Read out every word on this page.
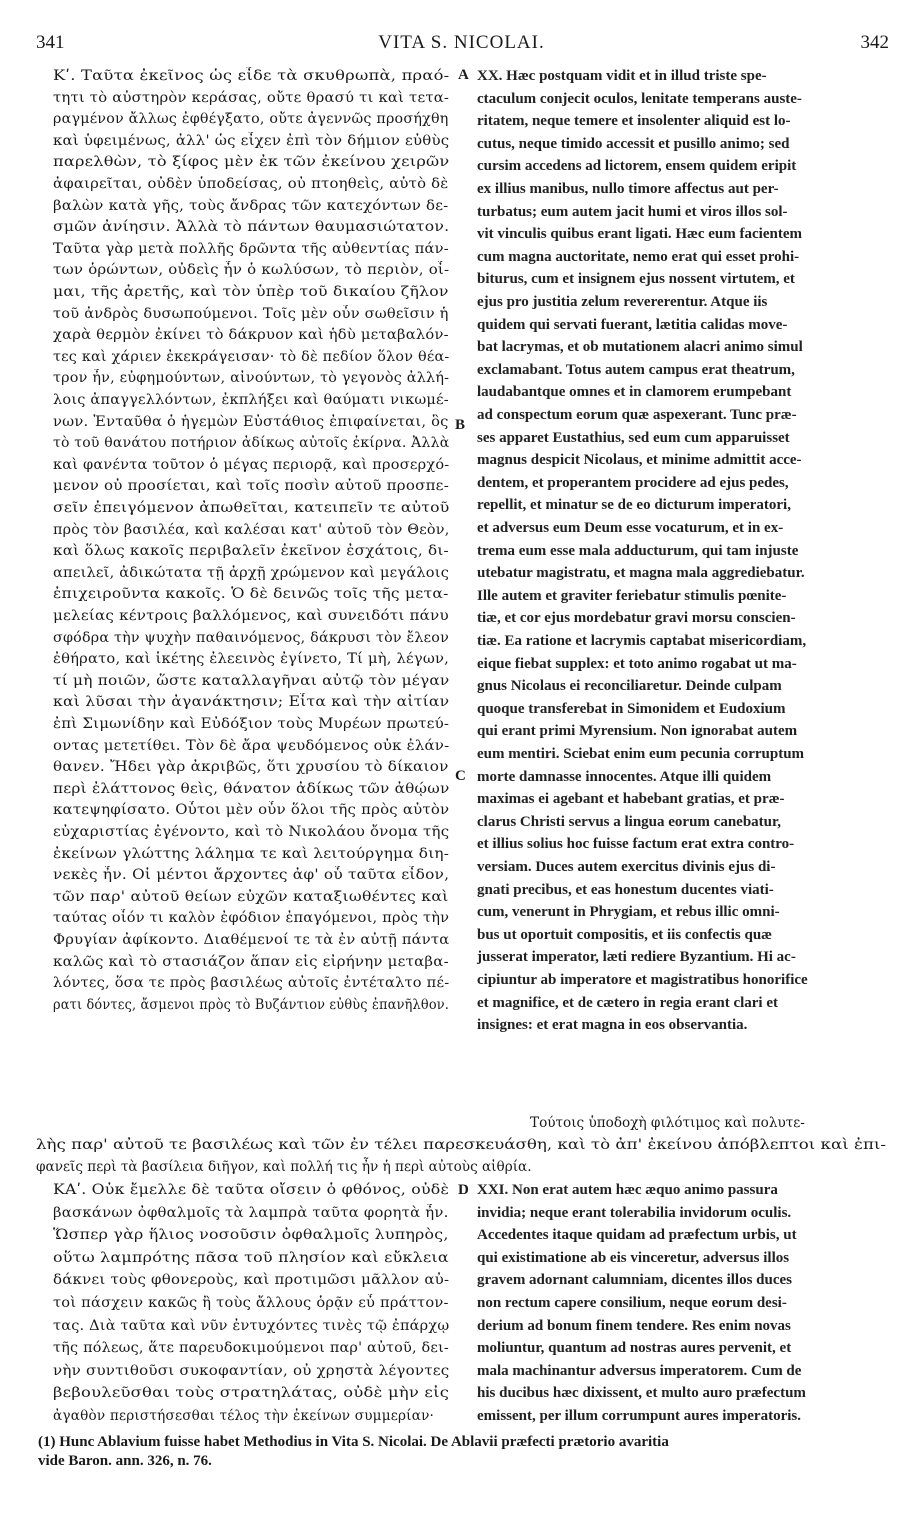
341	VITA S. NICOLAI.	342
A
B
C
D
Κʹ. Ταῦτα ἐκεῖνος ὡς εἶδε τὰ σκυθρωπὰ, πραό-
τητι τὸ αὐστηρὸν κεράσας, οὔτε θρασύ τι καὶ τετα-
ραγμένον ἄλλως ἐφθέγξατο, οὔτε ἀγεννῶς προσήχθη
καὶ ὑφειμένως, ἀλλ' ὡς εἶχεν ἐπὶ τὸν δήμιον εὐθὺς
παρελθὼν, τὸ ξίφος μὲν ἐκ τῶν ἐκείνου χειρῶν
ἀφαιρεῖται, οὐδὲν ὑποδείσας, οὐ πτοηθεὶς, αὐτὸ δὲ
βαλὼν κατὰ γῆς, τοὺς ἄνδρας τῶν κατεχόντων δε-
σμῶν ἀνίησιν. Ἀλλὰ τὸ πάντων θαυμασιώτατον.
Ταῦτα γὰρ μετὰ πολλῆς δρῶντα τῆς αὐθεντίας πάν-
των ὁρώντων, οὐδεὶς ἦν ὁ κωλύσων, τὸ περιὸν, οἶ-
μαι, τῆς ἀρετῆς, καὶ τὸν ὑπὲρ τοῦ δικαίου ζῆλον
τοῦ ἀνδρὸς δυσωπούμενοι. Τοῖς μὲν οὖν σωθεῖσιν ἡ
χαρὰ θερμὸν ἐκίνει τὸ δάκρυον καὶ ἡδὺ μεταβαλόν-
τες καὶ χάριεν ἐκεκράγεισαν· τὸ δὲ πεδίον ὅλον θέα-
τρον ἦν, εὐφημούντων, αἰνούντων, τὸ γεγονὸς ἀλλή-
λοις ἀπαγγελλόντων, ἐκπλήξει καὶ θαύματι νικωμέ-
νων. Ἐνταῦθα ὁ ἡγεμὼν Εὐστάθιος ἐπιφαίνεται, ὃς
τὸ τοῦ θανάτου ποτήριον ἀδίκως αὐτοῖς ἐκίρνα. Ἀλλὰ
καὶ φανέντα τοῦτον ὁ μέγας περιορᾷ, καὶ προσερχό-
μενον οὐ προσίεται, καὶ τοῖς ποσὶν αὐτοῦ προσπε-
σεῖν ἐπειγόμενον ἀπωθεῖται, κατειπεῖν τε αὐτοῦ
πρὸς τὸν βασιλέα, καὶ καλέσαι κατ' αὐτοῦ τὸν Θεὸν,
καὶ ὅλως κακοῖς περιβαλεῖν ἐκεῖνον ἐσχάτοις, δι-
απειλεῖ, ἀδικώτατα τῇ ἀρχῇ χρώμενον καὶ μεγάλοις
ἐπιχειροῦντα κακοῖς. Ὁ δὲ δεινῶς τοῖς τῆς μετα-
μελείας κέντροις βαλλόμενος, καὶ συνειδότι πάνυ
σφόδρα τὴν ψυχὴν παθαινόμενος, δάκρυσι τὸν ἔλεον
ἐθήρατο, καὶ ἱκέτης ἐλεεινὸς ἐγίνετο, Τί μὴ, λέγων,
τί μὴ ποιῶν, ὥστε καταλλαγῆναι αὐτῷ τὸν μέγαν
καὶ λῦσαι τὴν ἀγανάκτησιν; Εἶτα καὶ τὴν αἰτίαν
ἐπὶ Σιμωνίδην καὶ Εὐδόξιον τοὺς Μυρέων πρωτεύ-
οντας μετετίθει. Τὸν δὲ ἄρα ψευδόμενος οὐκ ἐλάν-
θανεν. Ἤδει γὰρ ἀκριβῶς, ὅτι χρυσίου τὸ δίκαιον
περὶ ἐλάττονος θεὶς, θάνατον ἀδίκως τῶν ἀθῴων
κατεψηφίσατο. Οὗτοι μὲν οὖν ὅλοι τῆς πρὸς αὐτὸν
εὐχαριστίας ἐγένοντο, καὶ τὸ Νικολάου ὄνομα τῆς
ἐκείνων γλώττης λάλημα τε καὶ λειτούργημα διη-
νεκὲς ἦν. Οἱ μέντοι ἄρχοντες ἀφ' οὗ ταῦτα εἶδον,
τῶν παρ' αὐτοῦ θείων εὐχῶν καταξιωθέντες καὶ
ταύτας οἷόν τι καλὸν ἐφόδιον ἐπαγόμενοι, πρὸς τὴν
Φρυγίαν ἀφίκοντο. Διαθέμενοί τε τὰ ἐν αὐτῇ πάντα
καλῶς καὶ τὸ στασιάζον ἅπαν εἰς εἰρήνην μεταβα-
λόντες, ὅσα τε πρὸς βασιλέως αὐτοῖς ἐντέταλτο πέ-
ρατι δόντες, ἄσμενοι πρὸς τὸ Βυζάντιον εὐθὺς ἐπανῆλθον.
XX. Hæc postquam vidit et in illud triste spe-
ctaculum conjecit oculos, lenitate temperans auste-
ritatem, neque temere et insolenter aliquid est lo-
cutus, neque timido accessit et pusillo animo; sed
cursim accedens ad lictorem, ensem quidem eripit
ex illius manibus, nullo timore affectus aut per-
turbatus; eum autem jacit humi et viros illos sol-
vit vinculis quibus erant ligati. Hæc eum facientem
cum magna auctoritate, nemo erat qui esset prohi-
biturus, cum et insignem ejus nossent virtutem, et
ejus pro justitia zelum revererentur. Atque iis
quidem qui servati fuerant, lætitia calidas move-
bat lacrymas, et ob mutationem alacri animo simul
exclamabant. Totus autem campus erat theatrum,
laudabantque omnes et in clamorem erumpebant
ad conspectum eorum quæ aspexerant. Tunc præ-
ses apparet Eustathius, sed eum cum apparuisset
magnus despicit Nicolaus, et minime admittit acce-
dentem, et properantem procidere ad ejus pedes,
repellit, et minatur se de eo dicturum imperatori,
et adversus eum Deum esse vocaturum, et in ex-
trema eum esse mala adducturum, qui tam injuste
utebatur magistratu, et magna mala aggrediebatur.
Ille autem et graviter feriebatur stimulis pœnite-
tiæ, et cor ejus mordebatur gravi morsu conscien-
tiæ. Ea ratione et lacrymis captabat misericordiam,
eique fiebat supplex: et toto animo rogabat ut ma-
gnus Nicolaus ei reconciliaretur. Deinde culpam
quoque transferebat in Simonidem et Eudoxium
qui erant primi Myrensium. Non ignorabat autem
eum mentiri. Sciebat enim eum pecunia corruptum
morte damnasse innocentes. Atque illi quidem
maximas ei agebant et habebant gratias, et præ-
clarus Christi servus a lingua eorum canebatur,
et illius solius hoc fuisse factum erat extra contro-
versiam. Duces autem exercitus divinis ejus di-
gnati precibus, et eas honestum ducentes viati-
cum, venerunt in Phrygiam, et rebus illic omni-
bus ut oportuit compositis, et iis confectis quæ
jusserat imperator, læti rediere Byzantium. Hi ac-
cipiuntur ab imperatore et magistratibus honorifice
et magnifice, et de cætero in regia erant clari et
insignes: et erat magna in eos observantia.
Τούτοις ὑποδοχὴ φιλότιμος καὶ πολυτε-
λὴς παρ' αὐτοῦ τε βασιλέως καὶ τῶν ἐν τέλει παρεσκευάσθη, καὶ τὸ ἀπ' ἐκείνου ἀπόβλεπτοι καὶ ἐπι-
φανεῖς περὶ τὰ βασίλεια διῆγον, καὶ πολλή τις ἦν ἡ περὶ αὐτοὺς αἰθρία.
ΚΑʹ. Οὐκ ἔμελλε δὲ ταῦτα οἴσειν ὁ φθόνος, οὐδὲ
βασκάνων ὀφθαλμοῖς τὰ λαμπρὰ ταῦτα φορητὰ ἦν.
Ὥσπερ γὰρ ἥλιος νοσοῦσιν ὀφθαλμοῖς λυπηρὸς,
οὕτω λαμπρότης πᾶσα τοῦ πλησίον καὶ εὔκλεια
δάκνει τοὺς φθονεροὺς, καὶ προτιμῶσι μᾶλλον αὐ-
τοὶ πάσχειν κακῶς ἢ τοὺς ἄλλους ὁρᾷν εὖ πράττον-
τας. Διὰ ταῦτα καὶ νῦν ἐντυχόντες τινὲς τῷ ἐπάρχῳ
τῆς πόλεως, ἅτε παρευδοκιμούμενοι παρ' αὐτοῦ, δει-
νὴν συντιθοῦσι συκοφαντίαν, οὐ χρηστὰ λέγοντες
βεβουλεῦσθαι τοὺς στρατηλάτας, οὐδὲ μὴν εἰς
ἀγαθὸν περιστήσεσθαι τέλος τὴν ἐκείνων συμμερίαν·
XXI. Non erat autem hæc æquo animo passura
invidia; neque erant tolerabilia invidorum oculis.
Accedentes itaque quidam ad præfectum urbis, ut
qui existimatione ab eis vinceretur, adversus illos
gravem adornant calumniam, dicentes illos duces
non rectum capere consilium, neque eorum desi-
derium ad bonum finem tendere. Res enim novas
moliuntur, quantum ad nostras aures pervenit, et
mala machinantur adversus imperatorem. Cum de
his ducibus hæc dixissent, et multo auro præfectum
emissent, per illum corrumpunt aures imperatoris.
(1) Hunc Ablavium fuisse habet Methodius in Vita S. Nicolai. De Ablavii præfecti prætorio avaritia
vide Baron. ann. 326, n. 76.
